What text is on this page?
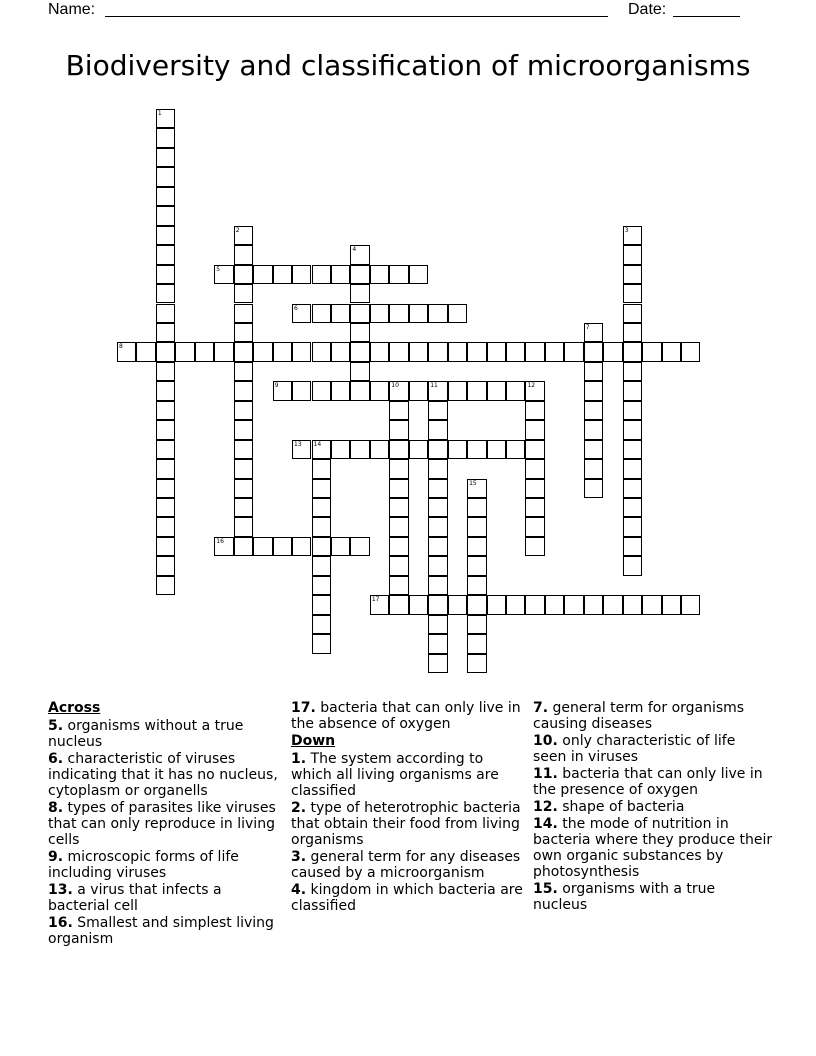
Name:	Date:
Biodiversity and classification of microorganisms
1
2	3
4
5
6
7
8
9	10	11	12
13 14
15
16
17
Across
5. organisms without a true nucleus
6. characteristic of viruses indicating that it has no nucleus, cytoplasm or organells
8. types of parasites like viruses that can only reproduce in living cells
9. microscopic forms of life including viruses
13. a virus that infects a bacterial cell
16. Smallest and simplest living organism
17. bacteria that can only live in the absence of oxygen
Down
1. The system according to which all living organisms are classified
2. type of heterotrophic bacteria that obtain their food from living organisms
3. general term for any diseases caused by a microorganism
4. kingdom in which bacteria are classified
7. general term for organisms causing diseases
10. only characteristic of life seen in viruses
11. bacteria that can only live in the presence of oxygen
12. shape of bacteria
14. the mode of nutrition in bacteria where they produce their own organic substances by photosynthesis
15. organisms with a true nucleus
